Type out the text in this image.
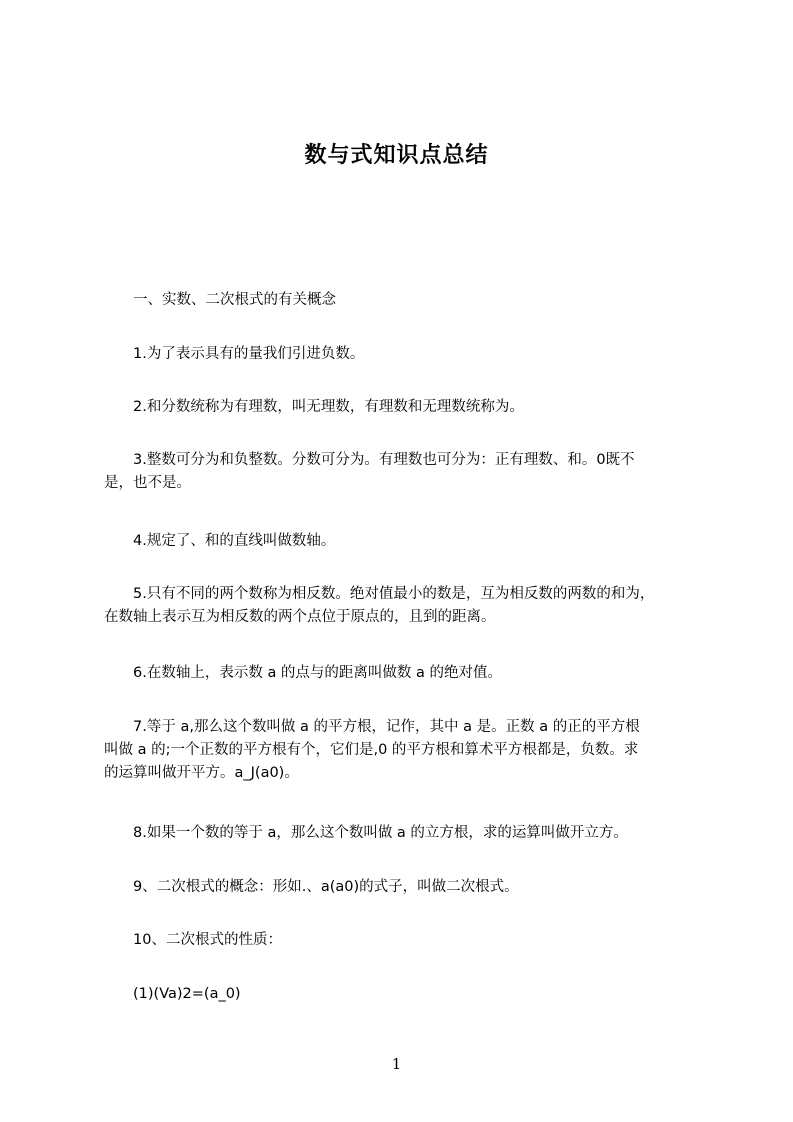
数与式知识点总结
　　一、实数、二次根式的有关概念
　　1.为了表示具有的量我们引进负数。
　　2.和分数统称为有理数，叫无理数，有理数和无理数统称为。
　　3.整数可分为和负整数。分数可分为。有理数也可分为：正有理数、和。0既不
是，也不是。
　　4.规定了、和的直线叫做数轴。
　　5.只有不同的两个数称为相反数。绝对值最小的数是，互为相反数的两数的和为，
在数轴上表示互为相反数的两个点位于原点的，且到的距离。
　　6.在数轴上，表示数 a 的点与的距离叫做数 a 的绝对值。
　　7.等于 a,那么这个数叫做 a 的平方根，记作，其中 a 是。正数 a 的正的平方根
叫做 a 的;一个正数的平方根有个，它们是,0 的平方根和算术平方根都是，负数。求
的运算叫做开平方。a_J(a0)。
　　8.如果一个数的等于 a，那么这个数叫做 a 的立方根，求的运算叫做开立方。
　　9、二次根式的概念：形如.、a(a0)的式子，叫做二次根式。
　　10、二次根式的性质：
　　(1)(Va)2=(a_0)
1
